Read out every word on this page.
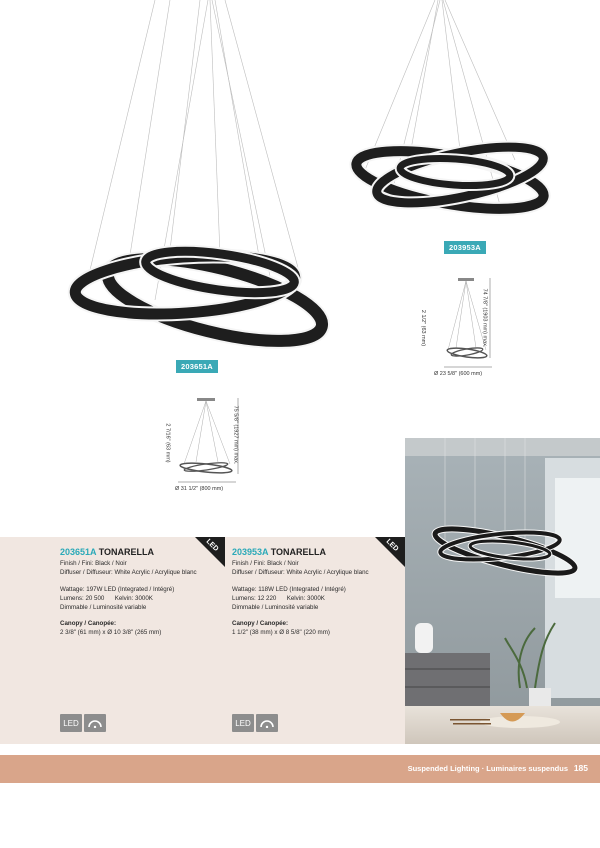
203651A
203953A
74 7/8" (1903 mm) max.
2 1/2" (63 mm)
Ø 23 5/8" (600 mm)
75 5/8" (1927 mm) max.
2 7/16" (63 mm)
Ø 31 1/2" (800 mm)
LED	LED
203651A TONARELLA
Finish / Fini: Black / Noir
Diffuser / Diffuseur: White Acrylic / Acrylique blanc
Wattage: 197W LED (Integrated / Intégré)
Lumens: 20 500 Kelvin: 3000K
Dimmable / Luminosité variable
Canopy / Canopée:
2 3/8" (61 mm) x Ø 10 3/8" (265 mm)
203953A TONARELLA
Finish / Fini: Black / Noir
Diffuser / Diffuseur: White Acrylic / Acrylique blanc
Wattage: 118W LED (Integrated / Intégré)
Lumens: 12 220 Kelvin: 3000K
Dimmable / Luminosité variable
Canopy / Canopée:
1 1/2" (38 mm) x Ø 8 5/8" (220 mm)
LED	LED
Suspended Lighting · Luminaires suspendus 185
